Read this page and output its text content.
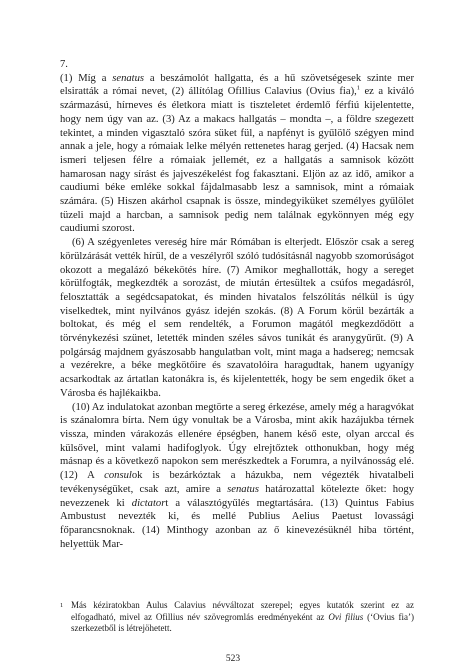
7.

(1) Míg a senatus a beszámolót hallgatta, és a hű szövetségesek szinte mer elsiratták a római nevet, (2) állítólag Ofillius Calavius (Ovius fia),$^1$ ez a kiváló származású, hírneves és életkora miatt is tiszteletet érdemlő férfiú kijelentette, hogy nem úgy van az. (3) Az a makacs hallgatás – mondta –, a földre szegezett tekintet, a minden vigasztaló szóra süket fül, a napfényt is gyűlölő szégyen mind annak a jele, hogy a rómaiak lelke mélyén rettenetes harag gerjed. (4) Hacsak nem ismeri teljesen félre a rómaiak jellemét, ez a hallgatás a samnisok között hamarosan nagy sírást és jajveszékelést fog fakasztani. Eljön az az idő, amikor a caudiumi béke emléke sokkal fájdalmasabb lesz a samnisok, mint a rómaiak számára. (5) Hiszen akárhol csapnak is össze, mindegyiküket személyes gyűlölet tüzeli majd a harcban, a samnisok pedig nem találnak egykönnyen még egy caudiumi szorost.

(6) A szégyenletes vereség híre már Rómában is elterjedt. Először csak a sereg körülzárását vették hírül, de a veszélyről szóló tudósításnál nagyobb szomorúságot okozott a megalázó békekötés híre. (7) Amikor meghallották, hogy a sereget körülfogták, megkezdték a sorozást, de miután értesültek a csúfos megadásról, felosztatták a segédcsapatokat, és minden hivatalos felszólítás nélkül is úgy viselkedtek, mint nyilvános gyász idején szokás. (8) A Forum körül bezárták a boltokat, és még el sem rendelték, a Forumon magától megkezdődött a törvénykezési szünet, letették minden széles sávos tunikát és aranygyűrűt. (9) A polgárság majdnem gyászosabb hangulatban volt, mint maga a hadsereg; nemcsak a vezérekre, a béke megkötőire és szavatolóira haragudtak, hanem ugyanígy acsarkodtak az ártatlan katonákra is, és kijelentették, hogy be sem engedik őket a Városba és hajlékaikba.

(10) Az indulatokat azonban megtörte a sereg érkezése, amely még a haragvókat is szánalomra bírta. Nem úgy vonultak be a Városba, mint akik hazájukba térnek vissza, minden várakozás ellenére épségben, hanem késő este, olyan arccal és külsővel, mint valami hadifoglyok. Úgy elrejtőztek otthonukban, hogy még másnap és a következő napokon sem merészkedtek a Forumra, a nyilvánosság elé. (12) A consulok is bezárkóztak a házukba, nem végezték hivatalbeli tevékenységüket, csak azt, amire a senatus határozattal kötelezte őket: hogy nevezzenek ki dictatort a választógyűlés megtartására. (13) Quintus Fabius Ambustust nevezték ki, és mellé Publius Aelius Paetust lovassági főparancsnoknak. (14) Minthogy azonban az ő kinevezésüknél hiba történt, helyettük Mar-

1 Más kéziratokban Aulus Calavius névváltozat szerepel; egyes kutatók szerint ez az elfogadható, mivel az Ofillius név szövegromlás eredményeként az Ovi filius (‘Ovius fia’) szerkezetből is létrejöhetett.
523
